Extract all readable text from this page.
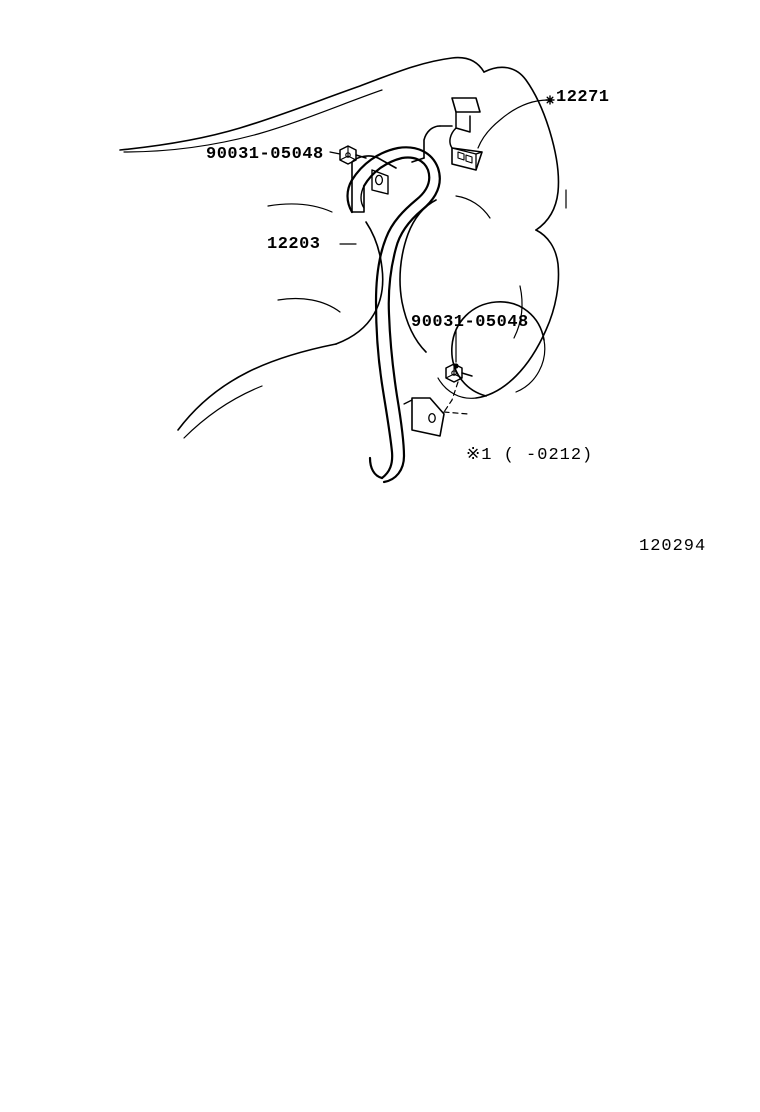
12271
12203
90031-05048
90031-05048
※1 ( -0212)
120294
